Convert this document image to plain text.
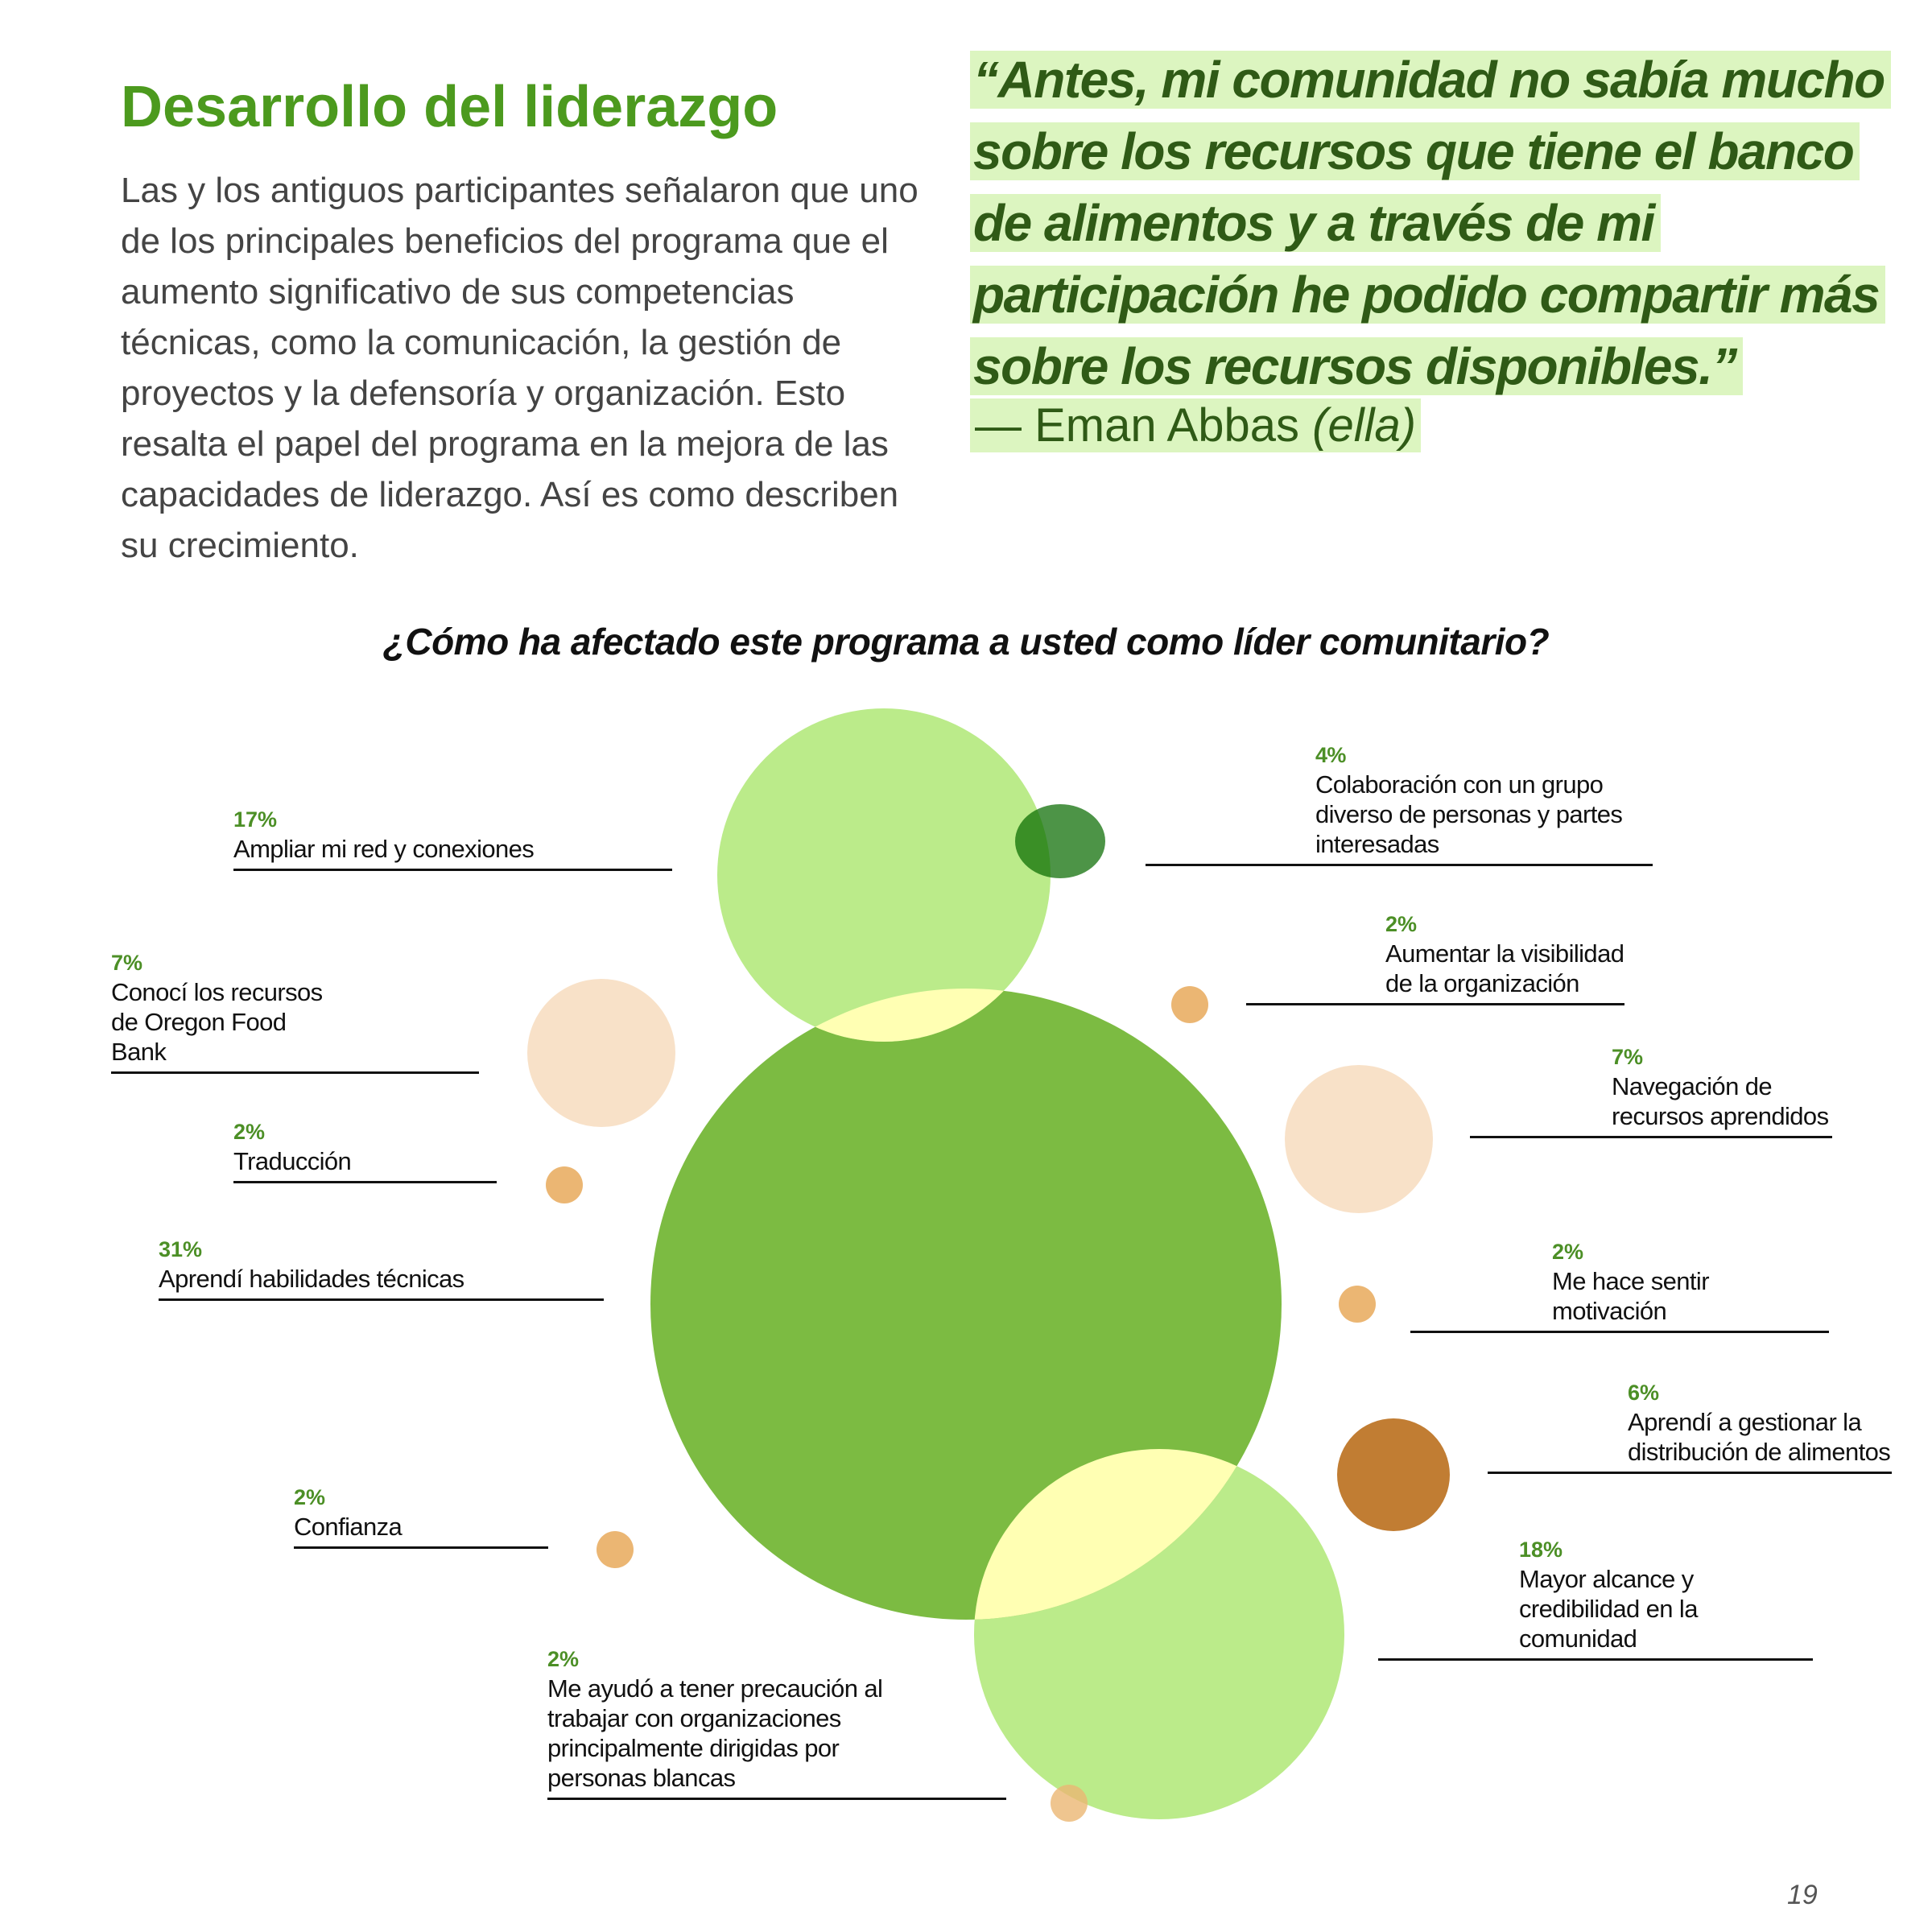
Desarrollo del liderazgo

Las y los antiguos participantes señalaron que uno de los principales beneficios del programa que el aumento significativo de sus competencias técnicas, como la comunicación, la gestión de proyectos y la defensoría y organización. Esto resalta el papel del programa en la mejora de las capacidades de liderazgo. Así es como describen su crecimiento.

“Antes, mi comunidad no sabía mucho sobre los recursos que tiene el banco de alimentos y a través de mi participación he podido compartir más sobre los recursos disponibles.”

— Eman Abbas (ella)

¿Cómo ha afectado este programa a usted como líder comunitario?
17%
Ampliar mi red y conexiones
7%
Conocí los recursos de Oregon Food Bank
2%
Traducción
31%
Aprendí habilidades técnicas
2%
Confianza
2%
Me ayudó a tener precaución al trabajar con organizaciones principalmente dirigidas por personas blancas
4%
Colaboración con un grupo diverso de personas y partes interesadas
2%
Aumentar la visibilidad de la organización
7%
Navegación de recursos aprendidos
2%
Me hace sentir motivación
6%
Aprendí a gestionar la distribución de alimentos
18%
Mayor alcance y credibilidad en la comunidad
19
